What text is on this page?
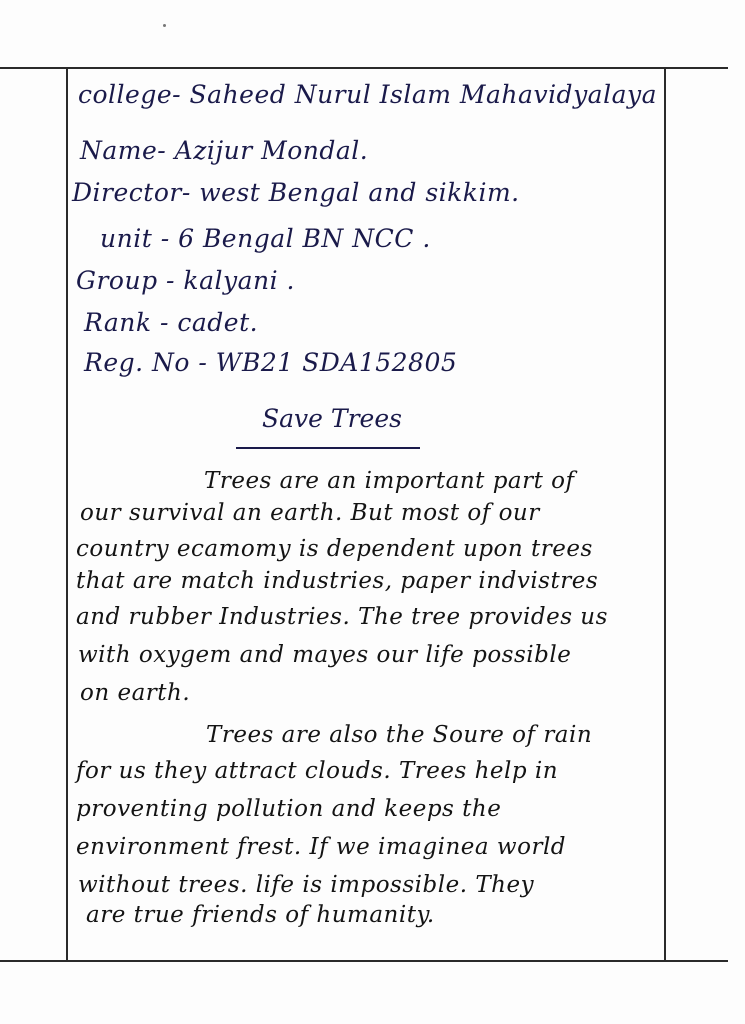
college- Saheed Nurul Islam Mahavidyalaya
Name- Azijur Mondal.
Director- west Bengal and sikkim.
unit - 6 Bengal BN NCC .
Group - kalyani .
Rank - cadet.
Reg. No - WB21 SDA152805
Save Trees
Trees are an important part of
our survival an earth. But most of our
country ecamomy is dependent upon trees
that are match industries, paper indvistres
and rubber Industries. The tree provides us
with oxygem and mayes our life possible
on earth.
Trees are also the Soure of rain
for us they attract clouds. Trees help in
proventing pollution and keeps the
environment frest. If we imaginea world
without trees. life is impossible. They
are true friends of humanity.
